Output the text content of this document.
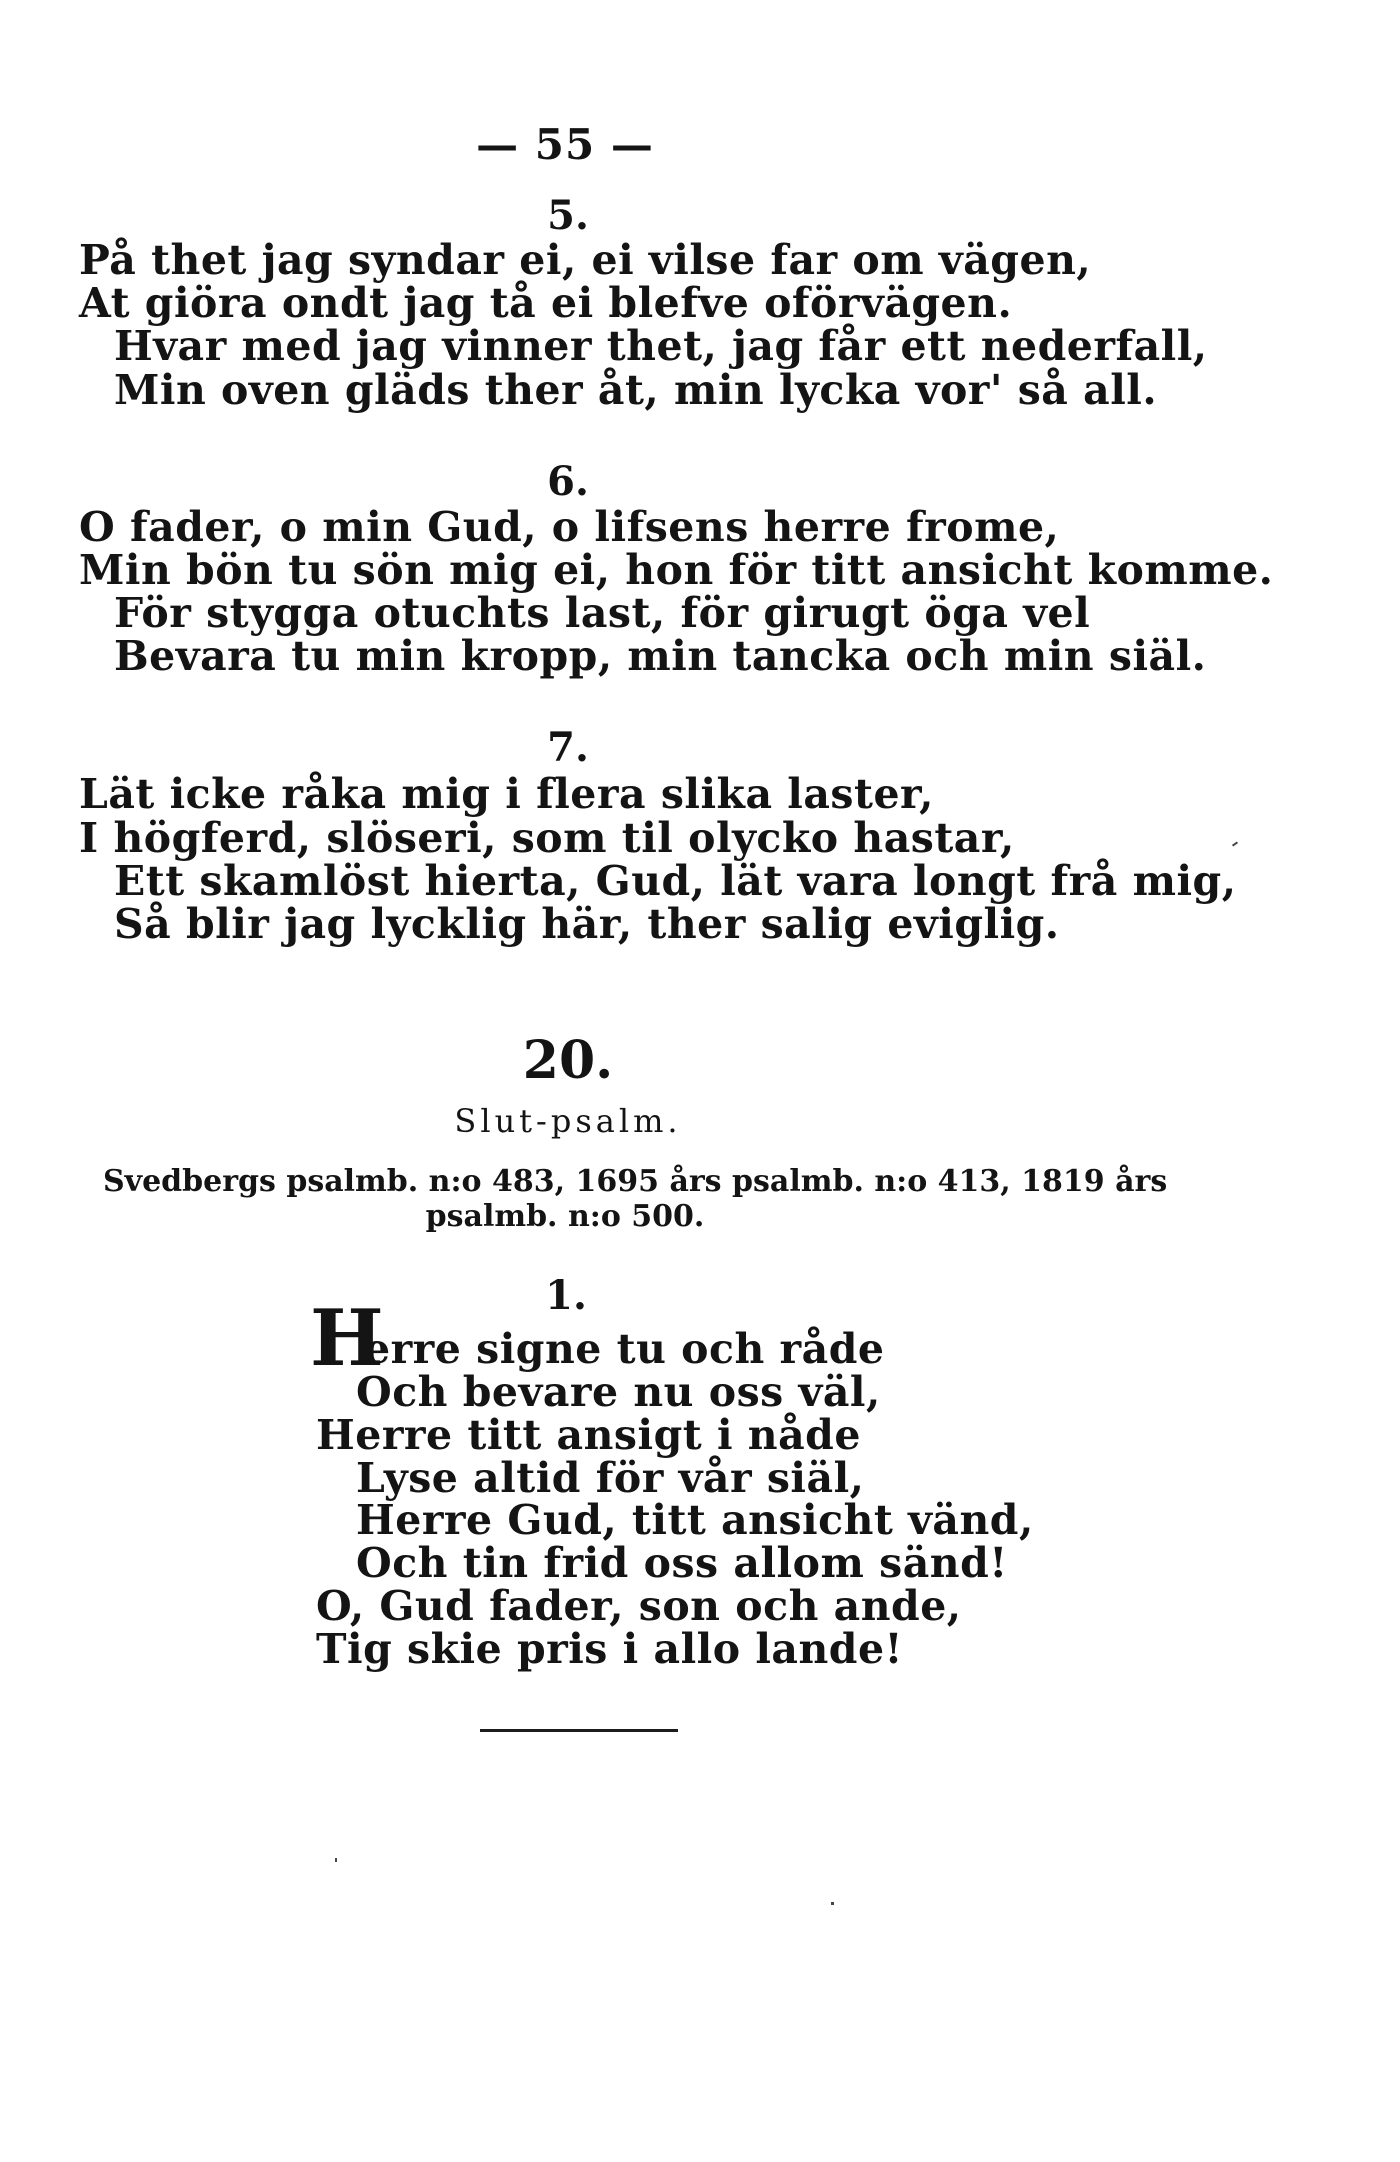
— 55 —
5.
På thet jag syndar ei, ei vilse far om vägen,
At giöra ondt jag tå ei blefve oförvägen.
Hvar med jag vinner thet, jag får ett nederfall,
Min oven gläds ther åt, min lycka vor' så all.
6.
O fader, o min Gud, o lifsens herre frome,
Min bön tu sön mig ei, hon för titt ansicht komme.
För stygga otuchts last, för girugt öga vel
Bevara tu min kropp, min tancka och min siäl.
7.
Lät icke råka mig i flera slika laster,
I högferd, slöseri, som til olycko hastar,
Ett skamlöst hierta, Gud, lät vara longt frå mig,
Så blir jag lycklig här, ther salig eviglig.
20.
Slut-psalm.
Svedbergs psalmb. n:o 483, 1695 års psalmb. n:o 413, 1819 års
psalmb. n:o 500.
1.
H
erre signe tu och råde
Och bevare nu oss väl,
Herre titt ansigt i nåde
Lyse altid för vår siäl,
Herre Gud, titt ansicht vänd,
Och tin frid oss allom sänd!
O, Gud fader, son och ande,
Tig skie pris i allo lande!
